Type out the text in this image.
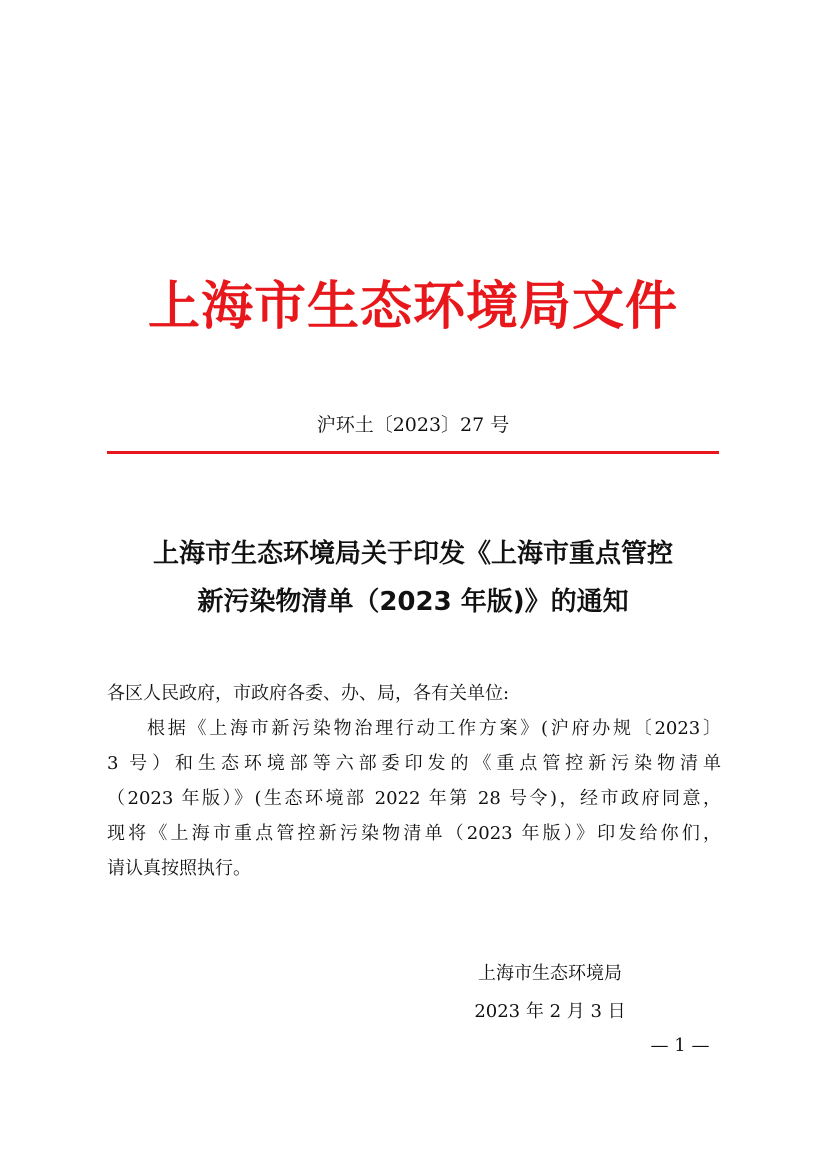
上海市生态环境局文件
沪环土〔2023〕27 号
上海市生态环境局关于印发《上海市重点管控
新污染物清单（2023 年版)》的通知
各区人民政府，市政府各委、办、局，各有关单位:
根据《上海市新污染物治理行动工作方案》(沪府办规〔2023〕
3 号）和生态环境部等六部委印发的《重点管控新污染物清单
（2023 年版）》(生态环境部 2022 年第 28 号令)，经市政府同意，
现将《上海市重点管控新污染物清单（2023 年版）》印发给你们，
请认真按照执行。
上海市生态环境局
2023 年 2 月 3 日
— 1 —
